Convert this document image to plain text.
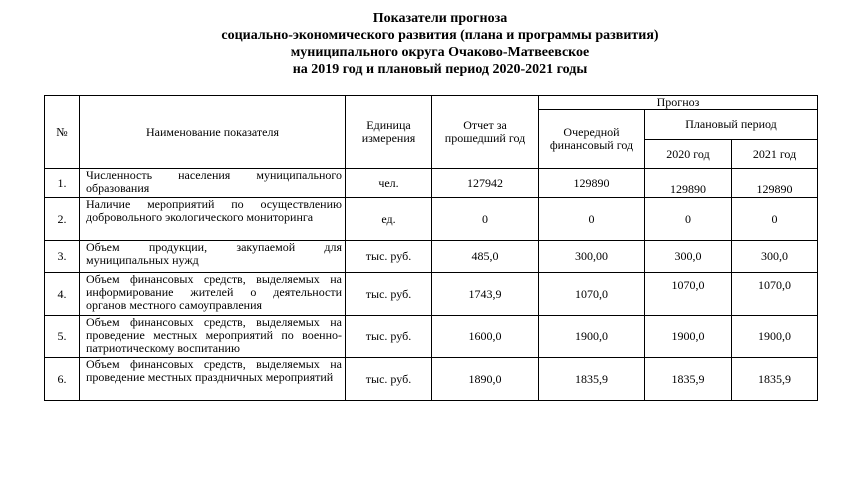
Показатели прогноза
социально-экономического развития (плана и программы развития)
муниципального округа Очаково-Матвеевское
на 2019 год и плановый период 2020-2021 годы
№	Наименование показателя	Единица измерения	Отчет за прошедший год	Прогноз		
				Очередной финансовый год	Плановый период	
					2020 год	2021 год
1.	Численность населения муниципального образования	чел.	127942	129890	129890	129890
2.	Наличие мероприятий по осуществлению добровольного экологического мониторинга	ед.	0	0	0	0
3.	Объем продукции, закупаемой для муниципальных нужд	тыс. руб.	485,0	300,00	300,0	300,0
4.	Объем финансовых средств, выделяемых на информирование жителей о деятельности органов местного самоуправления	тыс. руб.	1743,9	1070,0	1070,0	1070,0
5.	Объем финансовых средств, выделяемых на проведение местных мероприятий по военно-патриотическому воспитанию	тыс. руб.	1600,0	1900,0	1900,0	1900,0
6.	Объем финансовых средств, выделяемых на проведение местных праздничных мероприятий	тыс. руб.	1890,0	1835,9	1835,9	1835,9
